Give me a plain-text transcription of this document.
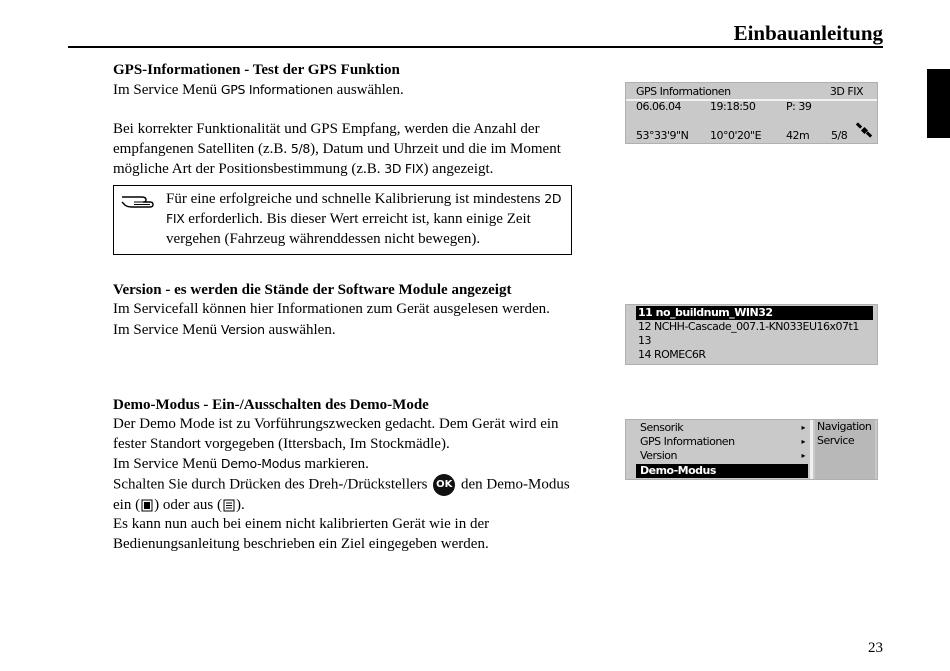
Einbauanleitung

GPS-Informationen - Test der GPS Funktion

Im Service Menü GPS Informationen auswählen.

Bei korrekter Funktionalität und GPS Empfang, werden die Anzahl der empfangenen Satelliten (z.B. 5/8), Datum und Uhrzeit und die im Moment mögliche Art der Positionsbestimmung (z.B. 3D FIX) angezeigt.

Für eine erfolgreiche und schnelle Kalibrierung ist mindestens 2D FIX erforderlich. Bis dieser Wert erreicht ist, kann einige Zeit vergehen (Fahrzeug währenddessen nicht bewegen).

Version - es werden die Stände der Software Module angezeigt

Im Servicefall können hier Informationen zum Gerät ausgelesen werden.

Im Service Menü Version auswählen.

Demo-Modus - Ein-/Ausschalten des Demo-Mode

Der Demo Mode ist zu Vorführungszwecken gedacht. Dem Gerät wird ein fester Standort vorgegeben (Ittersbach, Im Stockmädle).

Im Service Menü Demo-Modus markieren.

Schalten Sie durch Drücken des Dreh-/Drückstellers OK den Demo-Modus ein ( ) oder aus ( ).

Es kann nun auch bei einem nicht kalibrierten Gerät wie in der Bedienungsanleitung beschrieben ein Ziel eingegeben werden.

GPS Informationen	3D FIX
06.06.04	19:18:50	P: 39
53°33'9"N 10°0'20"E 42m 5/8
11 no_buildnum_WIN32
12 NCHH-Cascade_007.1-KN033EU16x07t1
13
14 ROMEC6R
Sensorik	▸
GPS Informationen	▸
Version	▸
Demo-Modus
Navigation
Service
23
